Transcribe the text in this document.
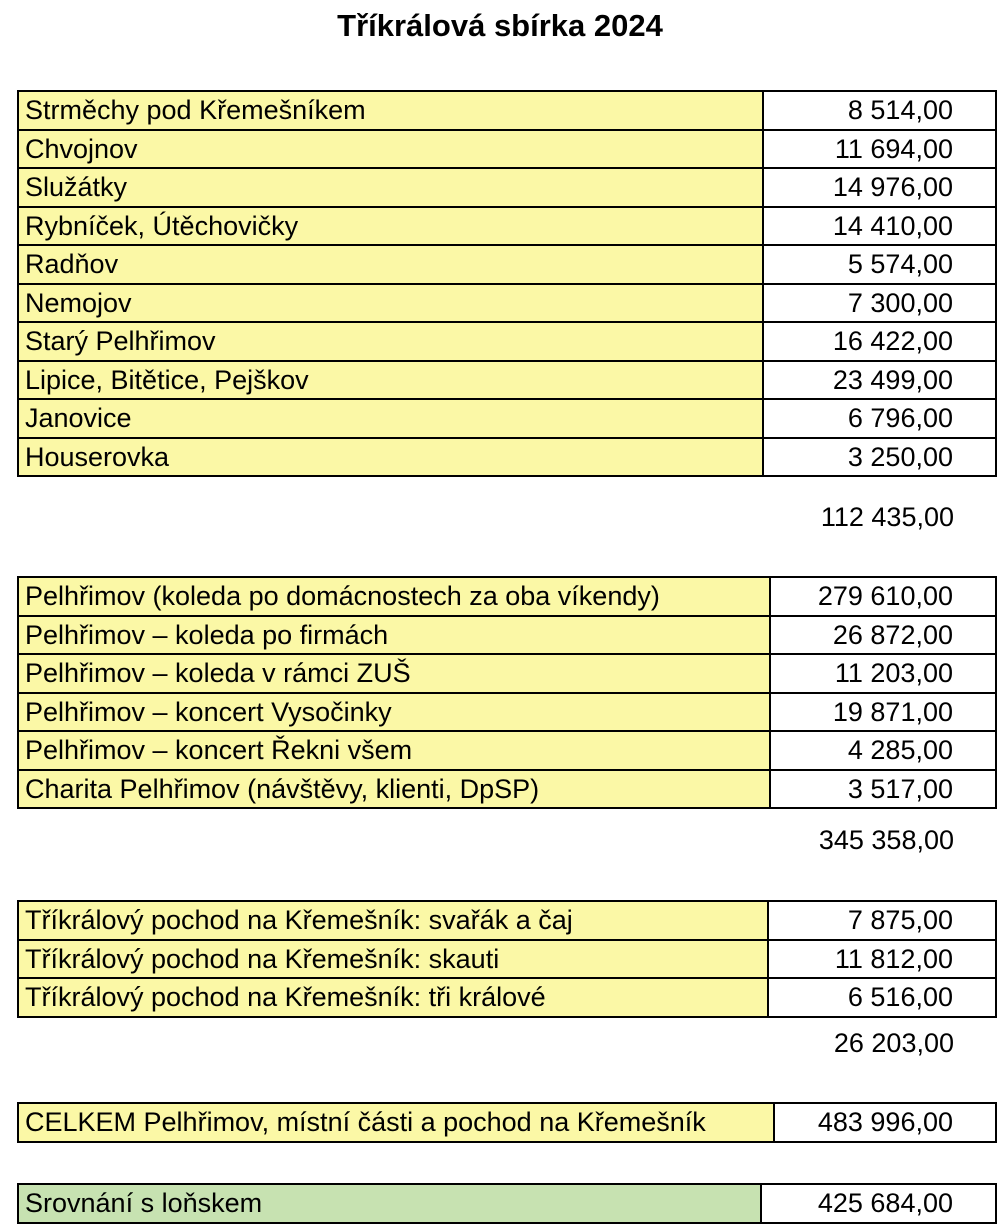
Tříkrálová sbírka 2024
Strměchy pod Křemešníkem	8 514,00
Chvojnov	11 694,00
Služátky	14 976,00
Rybníček, Útěchovičky	14 410,00
Radňov	5 574,00
Nemojov	7 300,00
Starý Pelhřimov	16 422,00
Lipice, Bitětice, Pejškov	23 499,00
Janovice	6 796,00
Houserovka	3 250,00
112 435,00
Pelhřimov (koleda po domácnostech za oba víkendy)	279 610,00
Pelhřimov – koleda po firmách	26 872,00
Pelhřimov – koleda v rámci ZUŠ	11 203,00
Pelhřimov – koncert Vysočinky	19 871,00
Pelhřimov – koncert Řekni všem	4 285,00
Charita Pelhřimov (návštěvy, klienti, DpSP)	3 517,00
345 358,00
Tříkrálový pochod na Křemešník: svařák a čaj	7 875,00
Tříkrálový pochod na Křemešník: skauti	11 812,00
Tříkrálový pochod na Křemešník: tři králové	6 516,00
26 203,00
CELKEM Pelhřimov, místní části a pochod na Křemešník	483 996,00
Srovnání s loňskem	425 684,00
